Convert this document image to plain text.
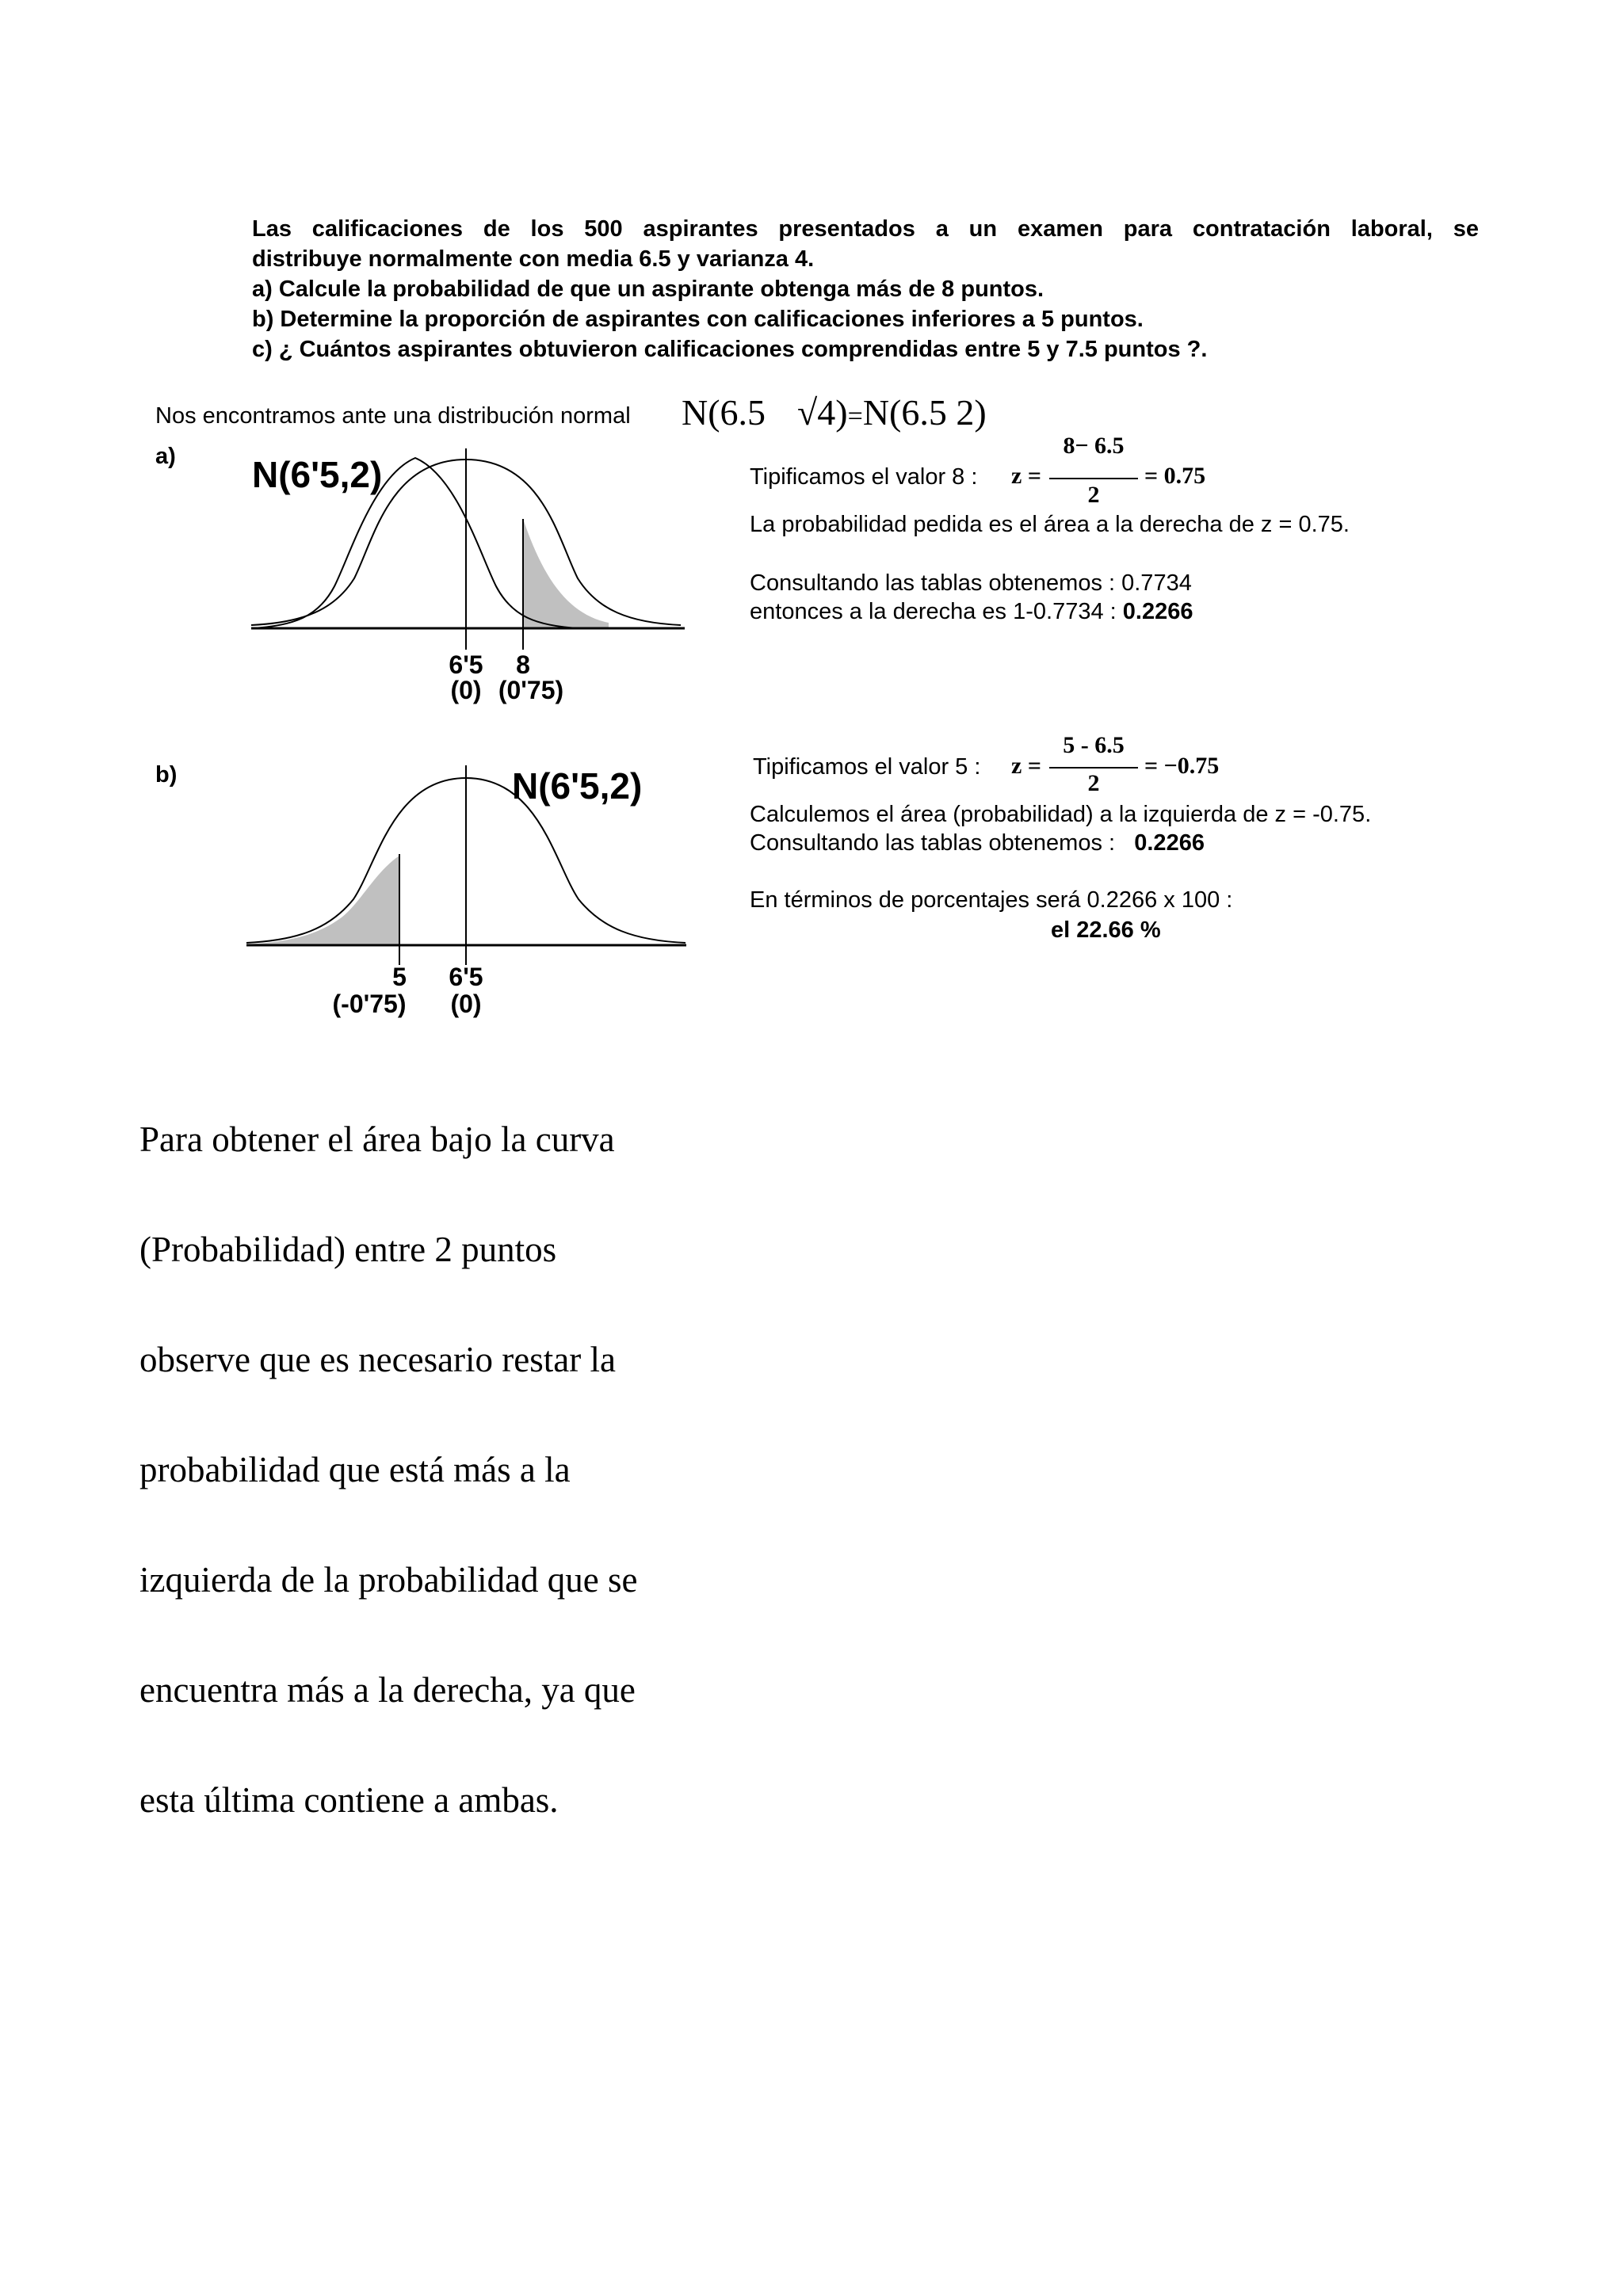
Las calificaciones de los 500 aspirantes presentados a un examen para contratación laboral, se
distribuye normalmente con media 6.5 y varianza 4.
a) Calcule la probabilidad de que un aspirante obtenga más de 8 puntos.
b) Determine la proporción de aspirantes con calificaciones inferiores a 5 puntos.
c) ¿ Cuántos aspirantes obtuvieron calificaciones comprendidas entre 5 y 7.5 puntos ?.
Nos encontramos ante una distribución normal N(6.5 √4)=N(6.5 2)
a) N(6'5,2)
6'5
(0)
8
(0'75)
Tipificamos el valor 8 : z =
8− 6.5
2
= 0.75
La probabilidad pedida es el área a la derecha de z = 0.75.
Consultando las tablas obtenemos : 0.7734
entonces a la derecha es 1-0.7734 : 0.2266
b)	N(6'5,2)
5
(-0'75)
6'5
(0)
Tipificamos el valor 5 : z =
5 - 6.5
2
= −0.75
Calculemos el área (probabilidad) a la izquierda de z = -0.75.
Consultando las tablas obtenemos : 0.2266
En términos de porcentajes será 0.2266 x 100 :
el 22.66 %

Para obtener el área bajo la curva

(Probabilidad) entre 2 puntos

observe que es necesario restar la

probabilidad que está más a la

izquierda de la probabilidad que se

encuentra más a la derecha, ya que

esta última contiene a ambas.
